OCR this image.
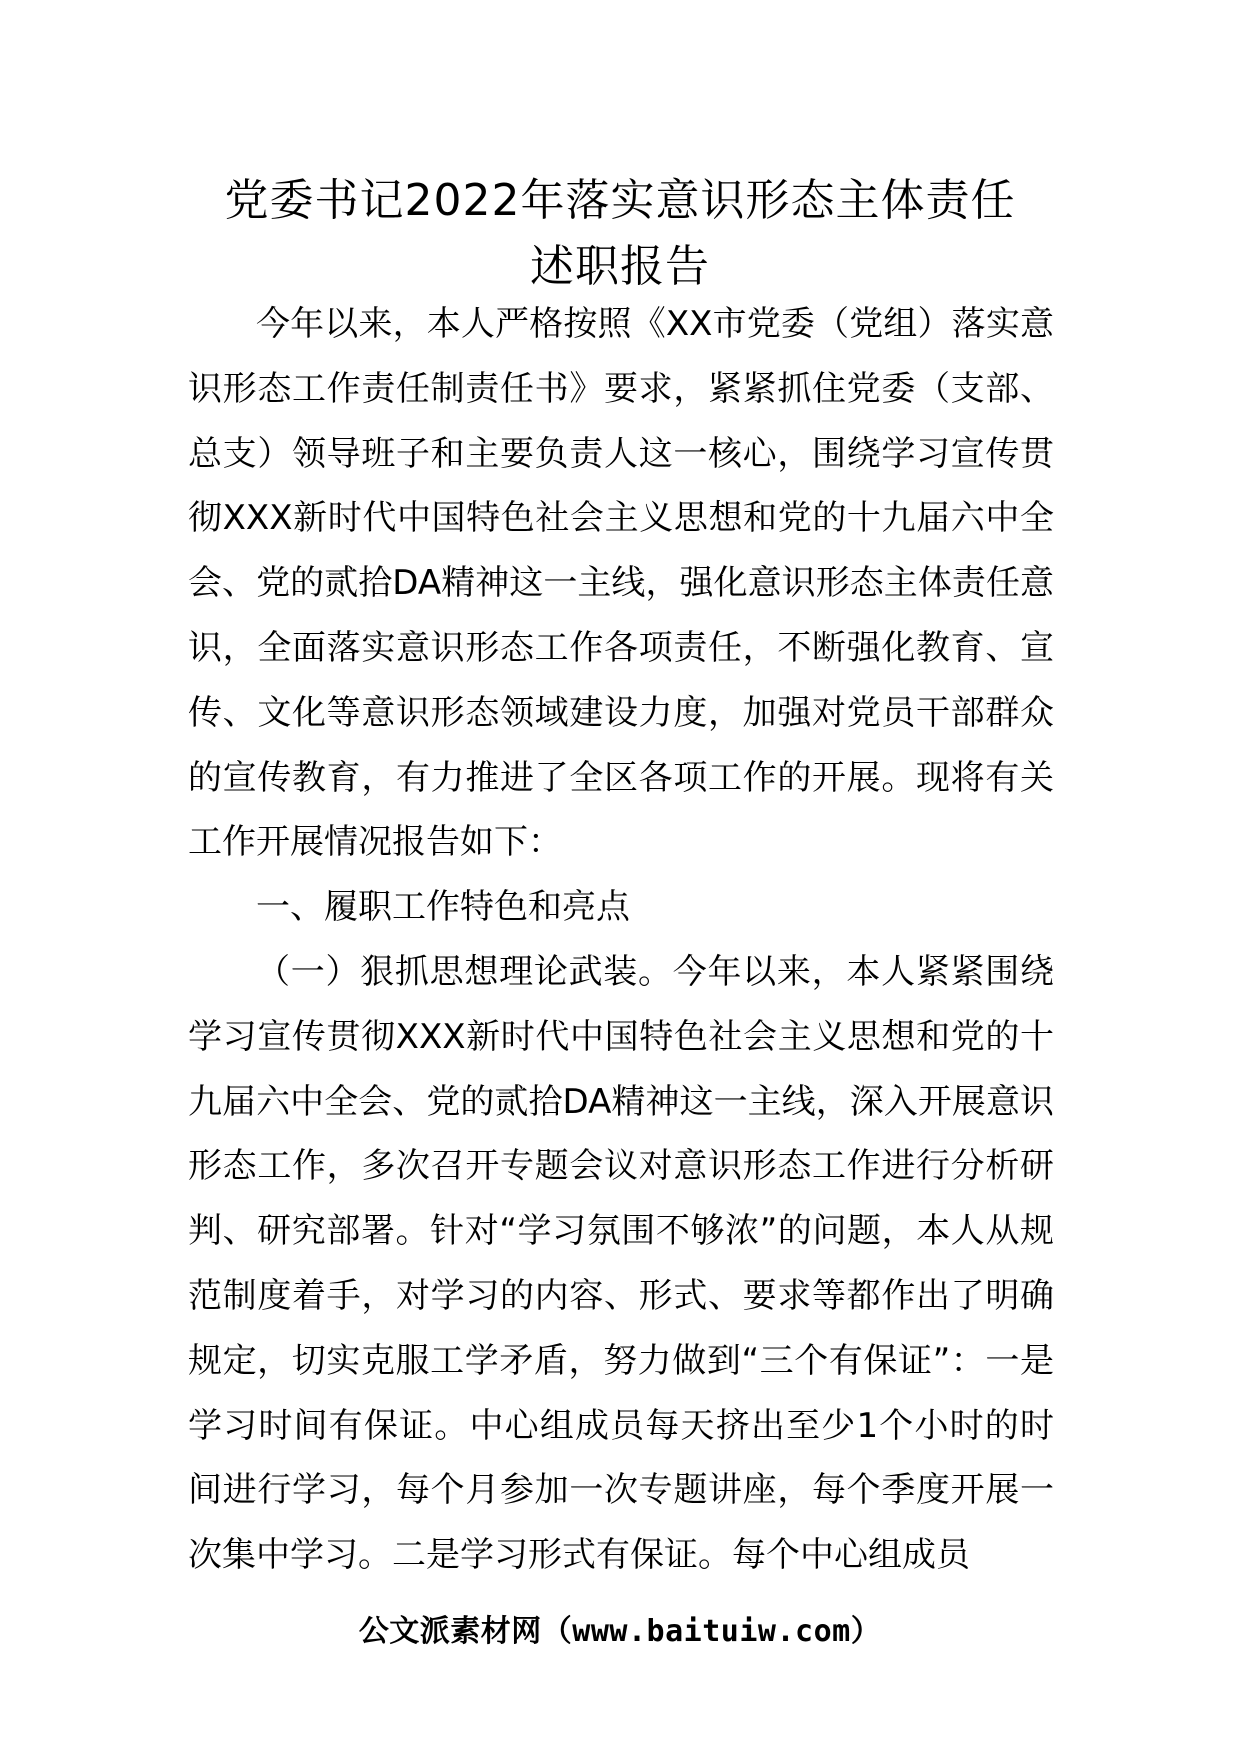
党委书记2022年落实意识形态主体责任
述职报告

今年以来，本人严格按照《XX市党委（党组）落实意识形态工作责任制责任书》要求，紧紧抓住党委（支部、总支）领导班子和主要负责人这一核心，围绕学习宣传贯彻XXX新时代中国特色社会主义思想和党的十九届六中全会、党的贰拾DA精神这一主线，强化意识形态主体责任意识，全面落实意识形态工作各项责任，不断强化教育、宣传、文化等意识形态领域建设力度，加强对党员干部群众的宣传教育，有力推进了全区各项工作的开展。现将有关工作开展情况报告如下：

一、履职工作特色和亮点

（一）狠抓思想理论武装。今年以来，本人紧紧围绕学习宣传贯彻XXX新时代中国特色社会主义思想和党的十九届六中全会、党的贰拾DA精神这一主线，深入开展意识形态工作，多次召开专题会议对意识形态工作进行分析研判、研究部署。针对“学习氛围不够浓”的问题，本人从规范制度着手，对学习的内容、形式、要求等都作出了明确规定，切实克服工学矛盾，努力做到“三个有保证”：一是学习时间有保证。中心组成员每天挤出至少1个小时的时间进行学习，每个月参加一次专题讲座，每个季度开展一次集中学习。二是学习形式有保证。每个中心组成员

公文派素材网（www.baituiw.com）
